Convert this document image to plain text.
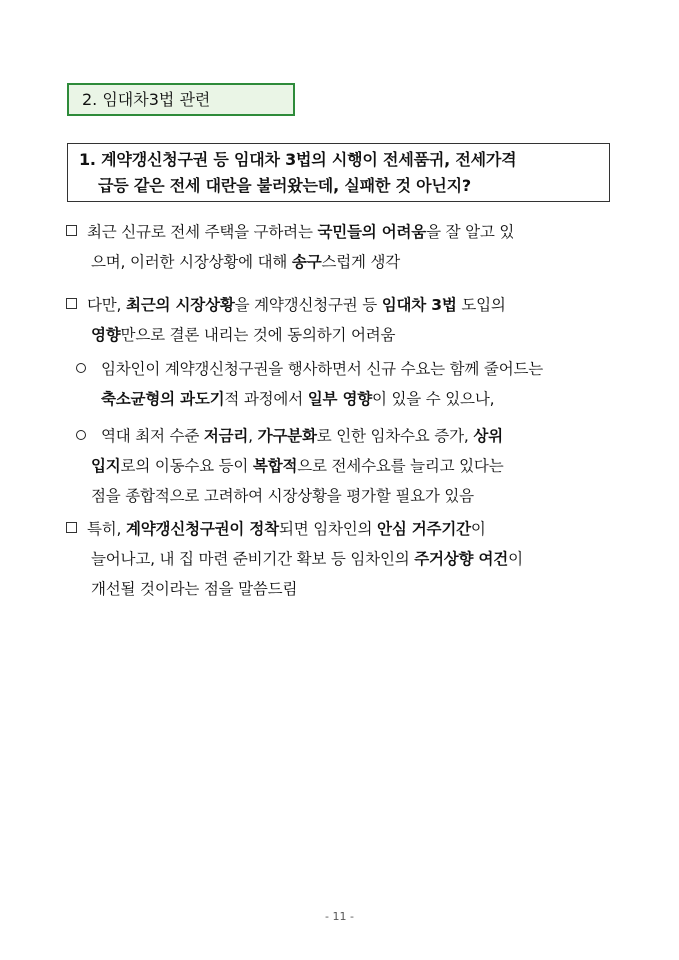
2. 임대차3법 관련
1. 계약갱신청구권 등 임대차 3법의 시행이 전세품귀, 전세가격
급등 같은 전세 대란을 불러왔는데, 실패한 것 아닌지?
최근 신규로 전세 주택을 구하려는 국민들의 어려움을 잘 알고 있
으며, 이러한 시장상황에 대해 송구스럽게 생각
다만, 최근의 시장상황을 계약갱신청구권 등 임대차 3법 도입의
영향만으로 결론 내리는 것에 동의하기 어려움
임차인이 계약갱신청구권을 행사하면서 신규 수요는 함께 줄어드는
축소균형의 과도기적 과정에서 일부 영향이 있을 수 있으나,
역대 최저 수준 저금리, 가구분화로 인한 임차수요 증가, 상위
입지로의 이동수요 등이 복합적으로 전세수요를 늘리고 있다는
점을 종합적으로 고려하여 시장상황을 평가할 필요가 있음
특히, 계약갱신청구권이 정착되면 임차인의 안심 거주기간이
늘어나고, 내 집 마련 준비기간 확보 등 임차인의 주거상향 여건이
개선될 것이라는 점을 말씀드림
- 11 -
